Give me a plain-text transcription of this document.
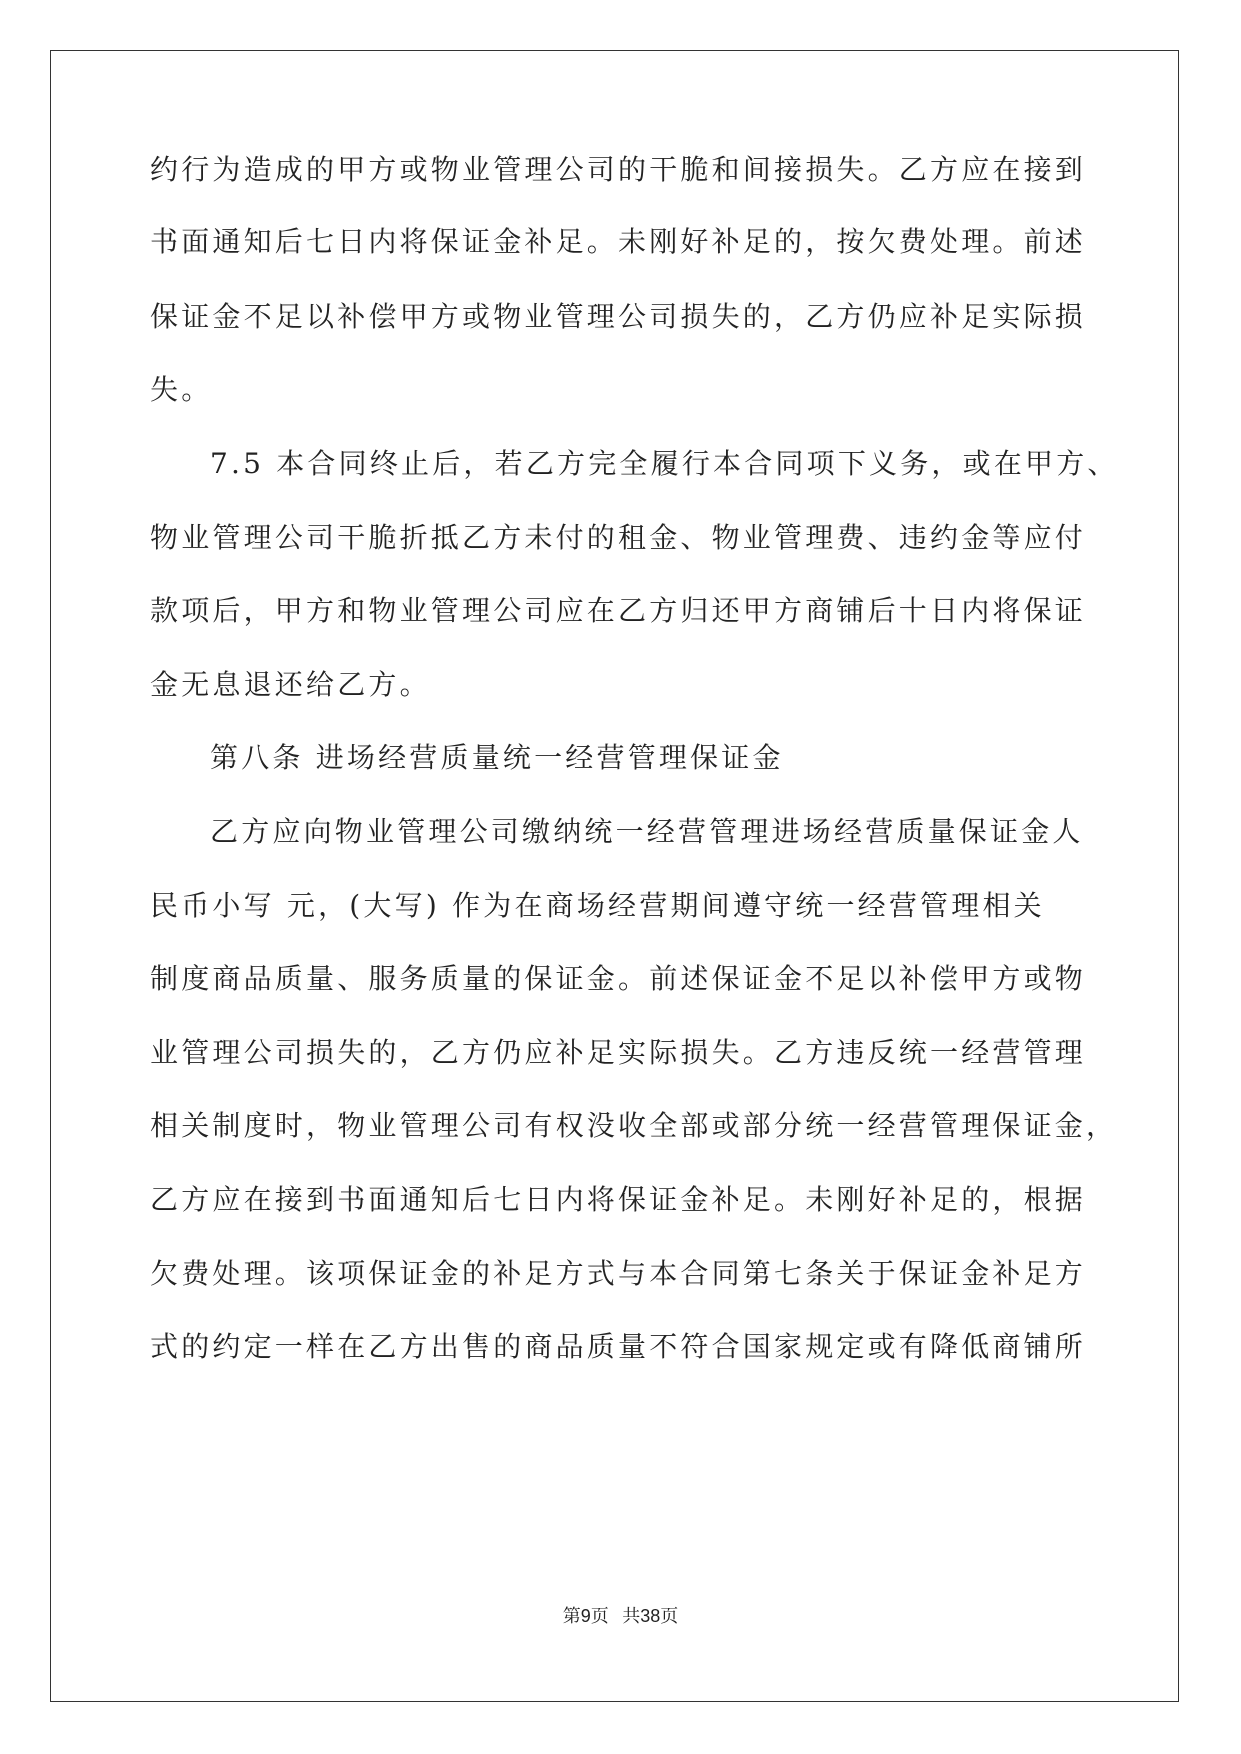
约行为造成的甲方或物业管理公司的干脆和间接损失。乙方应在接到
书面通知后七日内将保证金补足。未刚好补足的，按欠费处理。前述
保证金不足以补偿甲方或物业管理公司损失的，乙方仍应补足实际损
失。
7.5 本合同终止后，若乙方完全履行本合同项下义务，或在甲方、
物业管理公司干脆折抵乙方未付的租金、物业管理费、违约金等应付
款项后，甲方和物业管理公司应在乙方归还甲方商铺后十日内将保证
金无息退还给乙方。
第八条 进场经营质量统一经营管理保证金
乙方应向物业管理公司缴纳统一经营管理进场经营质量保证金人
民币小写 元，(大写) 作为在商场经营期间遵守统一经营管理相关
制度商品质量、服务质量的保证金。前述保证金不足以补偿甲方或物
业管理公司损失的，乙方仍应补足实际损失。乙方违反统一经营管理
相关制度时，物业管理公司有权没收全部或部分统一经营管理保证金，
乙方应在接到书面通知后七日内将保证金补足。未刚好补足的，根据
欠费处理。该项保证金的补足方式与本合同第七条关于保证金补足方
式的约定一样在乙方出售的商品质量不符合国家规定或有降低商铺所
第9页 共38页
